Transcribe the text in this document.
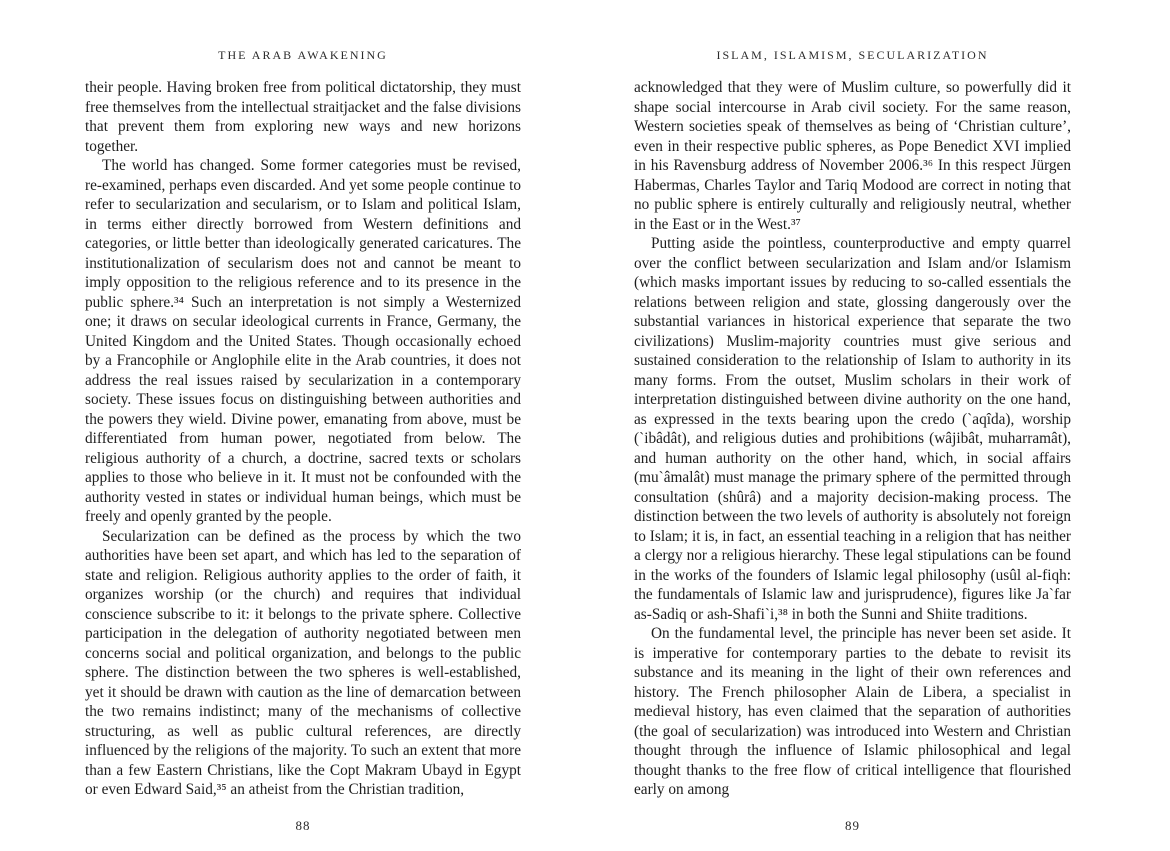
THE ARAB AWAKENING

their people. Having broken free from political dictatorship, they must free themselves from the intellectual straitjacket and the false divisions that prevent them from exploring new ways and new horizons together.

The world has changed. Some former categories must be revised, re-examined, perhaps even discarded. And yet some people continue to refer to secularization and secularism, or to Islam and political Islam, in terms either directly borrowed from Western definitions and categories, or little better than ideologically generated caricatures. The institutionalization of secularism does not and cannot be meant to imply opposition to the religious reference and to its presence in the public sphere.³⁴ Such an interpretation is not simply a Westernized one; it draws on secular ideological currents in France, Germany, the United Kingdom and the United States. Though occasionally echoed by a Francophile or Anglophile elite in the Arab countries, it does not address the real issues raised by secularization in a contemporary society. These issues focus on distinguishing between authorities and the powers they wield. Divine power, emanating from above, must be differentiated from human power, negotiated from below. The religious authority of a church, a doctrine, sacred texts or scholars applies to those who believe in it. It must not be confounded with the authority vested in states or individual human beings, which must be freely and openly granted by the people.

Secularization can be defined as the process by which the two authorities have been set apart, and which has led to the separation of state and religion. Religious authority applies to the order of faith, it organizes worship (or the church) and requires that individual conscience subscribe to it: it belongs to the private sphere. Collective participation in the delegation of authority negotiated between men concerns social and political organization, and belongs to the public sphere. The distinction between the two spheres is well-established, yet it should be drawn with caution as the line of demarcation between the two remains indistinct; many of the mechanisms of collective structuring, as well as public cultural references, are directly influenced by the religions of the majority. To such an extent that more than a few Eastern Christians, like the Copt Makram Ubayd in Egypt or even Edward Said,³⁵ an atheist from the Christian tradition,

88
ISLAM, ISLAMISM, SECULARIZATION

acknowledged that they were of Muslim culture, so powerfully did it shape social intercourse in Arab civil society. For the same reason, Western societies speak of themselves as being of ‘Christian culture’, even in their respective public spheres, as Pope Benedict XVI implied in his Ravensburg address of November 2006.³⁶ In this respect Jürgen Habermas, Charles Taylor and Tariq Modood are correct in noting that no public sphere is entirely culturally and religiously neutral, whether in the East or in the West.³⁷

Putting aside the pointless, counterproductive and empty quarrel over the conflict between secularization and Islam and/or Islamism (which masks important issues by reducing to so-called essentials the relations between religion and state, glossing dangerously over the substantial variances in historical experience that separate the two civilizations) Muslim-majority countries must give serious and sustained consideration to the relationship of Islam to authority in its many forms. From the outset, Muslim scholars in their work of interpretation distinguished between divine authority on the one hand, as expressed in the texts bearing upon the credo (`aqîda), worship (`ibâdât), and religious duties and prohibitions (wâjibât, muharramât), and human authority on the other hand, which, in social affairs (mu`âmalât) must manage the primary sphere of the permitted through consultation (shûrâ) and a majority decision-making process. The distinction between the two levels of authority is absolutely not foreign to Islam; it is, in fact, an essential teaching in a religion that has neither a clergy nor a religious hierarchy. These legal stipulations can be found in the works of the founders of Islamic legal philosophy (usûl al-fiqh: the fundamentals of Islamic law and jurisprudence), figures like Ja`far as-Sadiq or ash-Shafi`i,³⁸ in both the Sunni and Shiite traditions.

On the fundamental level, the principle has never been set aside. It is imperative for contemporary parties to the debate to revisit its substance and its meaning in the light of their own references and history. The French philosopher Alain de Libera, a specialist in medieval history, has even claimed that the separation of authorities (the goal of secularization) was introduced into Western and Christian thought through the influence of Islamic philosophical and legal thought thanks to the free flow of critical intelligence that flourished early on among

89
